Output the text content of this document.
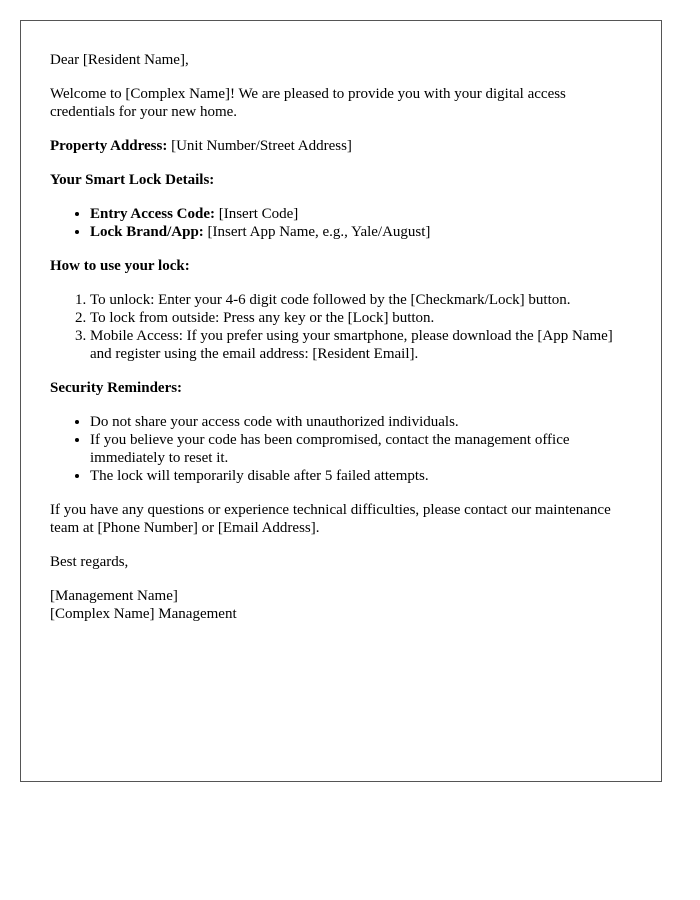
Dear [Resident Name],

Welcome to [Complex Name]! We are pleased to provide you with your digital access credentials for your new home.

Property Address: [Unit Number/Street Address]

Your Smart Lock Details:

• Entry Access Code: [Insert Code]
• Lock Brand/App: [Insert App Name, e.g., Yale/August]

How to use your lock:

1. To unlock: Enter your 4-6 digit code followed by the [Checkmark/Lock] button.
2. To lock from outside: Press any key or the [Lock] button.
3. Mobile Access: If you prefer using your smartphone, please download the [App Name] and register using the email address: [Resident Email].

Security Reminders:

• Do not share your access code with unauthorized individuals.
• If you believe your code has been compromised, contact the management office immediately to reset it.
• The lock will temporarily disable after 5 failed attempts.

If you have any questions or experience technical difficulties, please contact our maintenance team at [Phone Number] or [Email Address].

Best regards,

[Management Name]
[Complex Name] Management
